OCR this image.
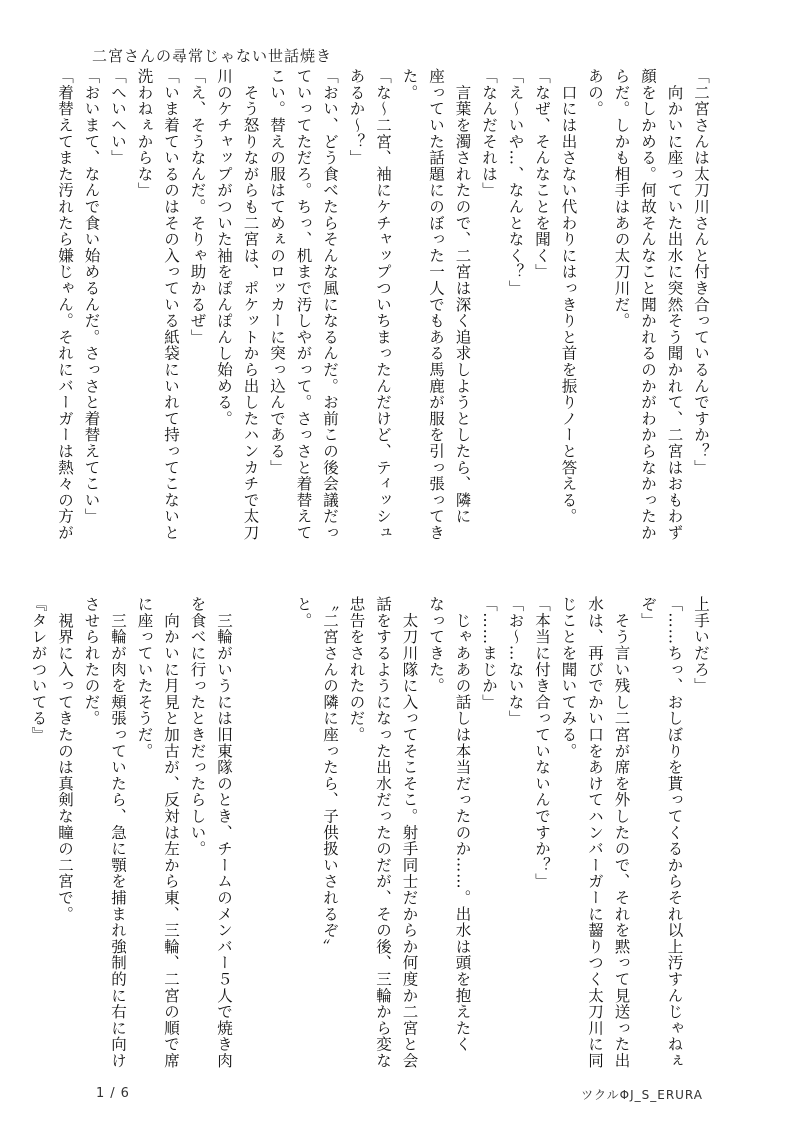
二宮さんの尋常じゃない世話焼き
「二宮さんは太刀川さんと付き合っているんですか？」
　向かいに座っていた出水に突然そう聞かれて、二宮はおもわず
顔をしかめる。何故そんなこと聞かれるのかがわからなかったか
らだ。しかも相手はあの太刀川だ。
あの。
　口には出さない代わりにはっきりと首を振りノーと答える。
「なぜ、そんなことを聞く」
「え〜いや…、なんとなく？」
「なんだそれは」
　言葉を濁されたので、二宮は深く追求しようとしたら、隣に
座っていた話題にのぼった一人でもある馬鹿が服を引っ張ってき
た。
「な〜二宮、袖にケチャップついちまったんだけど、ティッシュ
あるか〜？」
「おい、どう食べたらそんな風になるんだ。お前この後会議だっ
ていってただろ。ちっ、机まで汚しやがって。さっさと着替えて
こい。替えの服はてめぇのロッカーに突っ込んである」
　そう怒りながらも二宮は、ポケットから出したハンカチで太刀
川のケチャップがついた袖をぽんぽんし始める。
「え、そうなんだ。そりゃ助かるぜ」
「いま着ているのはその入っている紙袋にいれて持ってこないと
洗わねぇからな」
「へいへい」
「おいまて、なんで食い始めるんだ。さっさと着替えてこい」
「着替えてまた汚れたら嫌じゃん。それにバーガーは熱々の方が
上手いだろ」
「……ちっ、おしぼりを貰ってくるからそれ以上汚すんじゃねぇ
ぞ」
　そう言い残し二宮が席を外したので、それを黙って見送った出
水は、再びでかい口をあけてハンバーガーに齧りつく太刀川に同
じことを聞いてみる。
「本当に付き合っていないんですか？」
「お〜…ないな」
「……まじか」
　じゃああの話しは本当だったのか……。出水は頭を抱えたく
なってきた。
　太刀川隊に入ってそこそこ。射手同士だからか何度か二宮と会
話をするようになった出水だったのだが、その後、三輪から変な
忠告をされたのだ。
〝二宮さんの隣に座ったら、子供扱いされるぞ〟
と。

　三輪がいうには旧東隊のとき、チームのメンバー５人で焼き肉
を食べに行ったときだったらしい。
　向かいに月見と加古が、反対は左から東、三輪、二宮の順で席
に座っていたそうだ。
　三輪が肉を頬張っていたら、急に顎を捕まれ強制的に右に向け
させられたのだ。
　視界に入ってきたのは真剣な瞳の二宮で。
『タレがついてる』
1/6	ツクルΦJ_S_ERURA
